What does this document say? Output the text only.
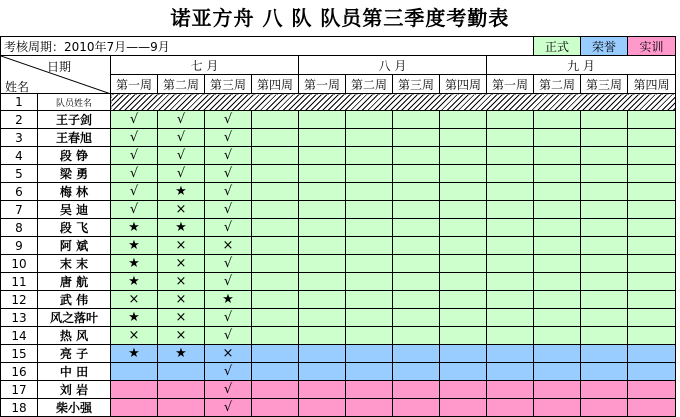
诺亚方舟 八 队 队员第三季度考勤表
考核周期：2010年7月——9月											正式	荣誉	实训

日期
姓名		七 月				八 月				九 月			
		第一周	第二周	第三周	第四周	第一周	第二周	第三周	第四周	第一周	第二周	第三周	第四周
1	队员姓名												
2	王子剑	√	√	√									
3	王春旭	√	√	√									
4	段 铮	√	√	√									
5	梁 勇	√	√	√									
6	梅 林	√	★	√									
7	吴 迪	√	×	√									
8	段 飞	★	★	√									
9	阿 斌	★	×	×									
10	末 末	★	×	√									
11	唐 航	★	×	√									
12	武 伟	×	×	★									
13	风之落叶	★	×	√									
14	热 风	×	×	√									
15	亮 子	★	★	×									
16	中 田			√									
17	刘 岩			√									
18	柴小强			√									
